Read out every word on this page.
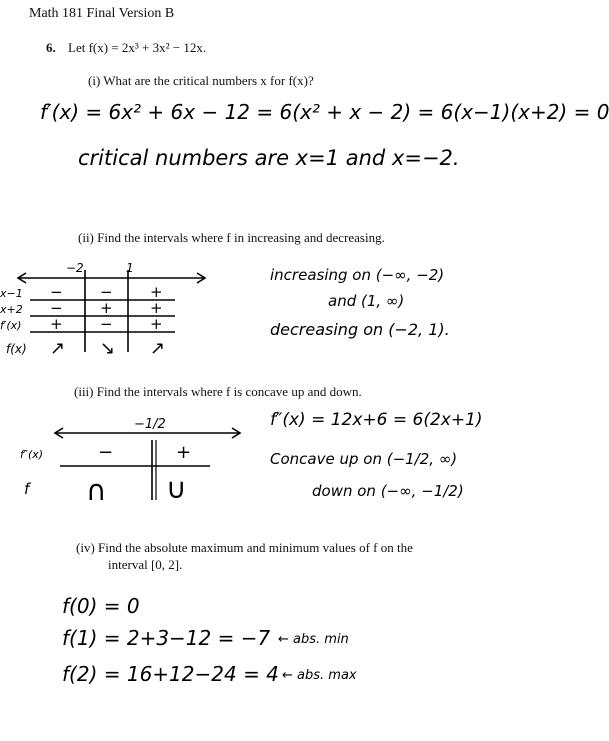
Math 181 Final Version B
6. Let f(x) = 2x³ + 3x² − 12x.
(i) What are the critical numbers x for f(x)?
(ii) Find the intervals where f in increasing and decreasing.
(iii) Find the intervals where f is concave up and down.
(iv) Find the absolute maximum and minimum values of f on the
interval [0, 2].
f′(x) = 6x² + 6x − 12 = 6(x² + x − 2) = 6(x−1)(x+2) = 0
critical numbers are x=1 and x=−2.
increasing on (−∞, −2)
and (1, ∞)
decreasing on (−2, 1).
f″(x) = 12x+6 = 6(2x+1)
Concave up on (−1/2, ∞)
down on (−∞, −1/2)
f(0) = 0
f(1) = 2+3−12 = −7 ← abs. min
f(2) = 16+12−24 = 4 ← abs. max
−2	1
x−1
x+2
f′(x)
f(x)
− − +
− + +
+ − +
↗ ↘ ↗
−1/2
f″(x)
f
−	+
∩ ∪
